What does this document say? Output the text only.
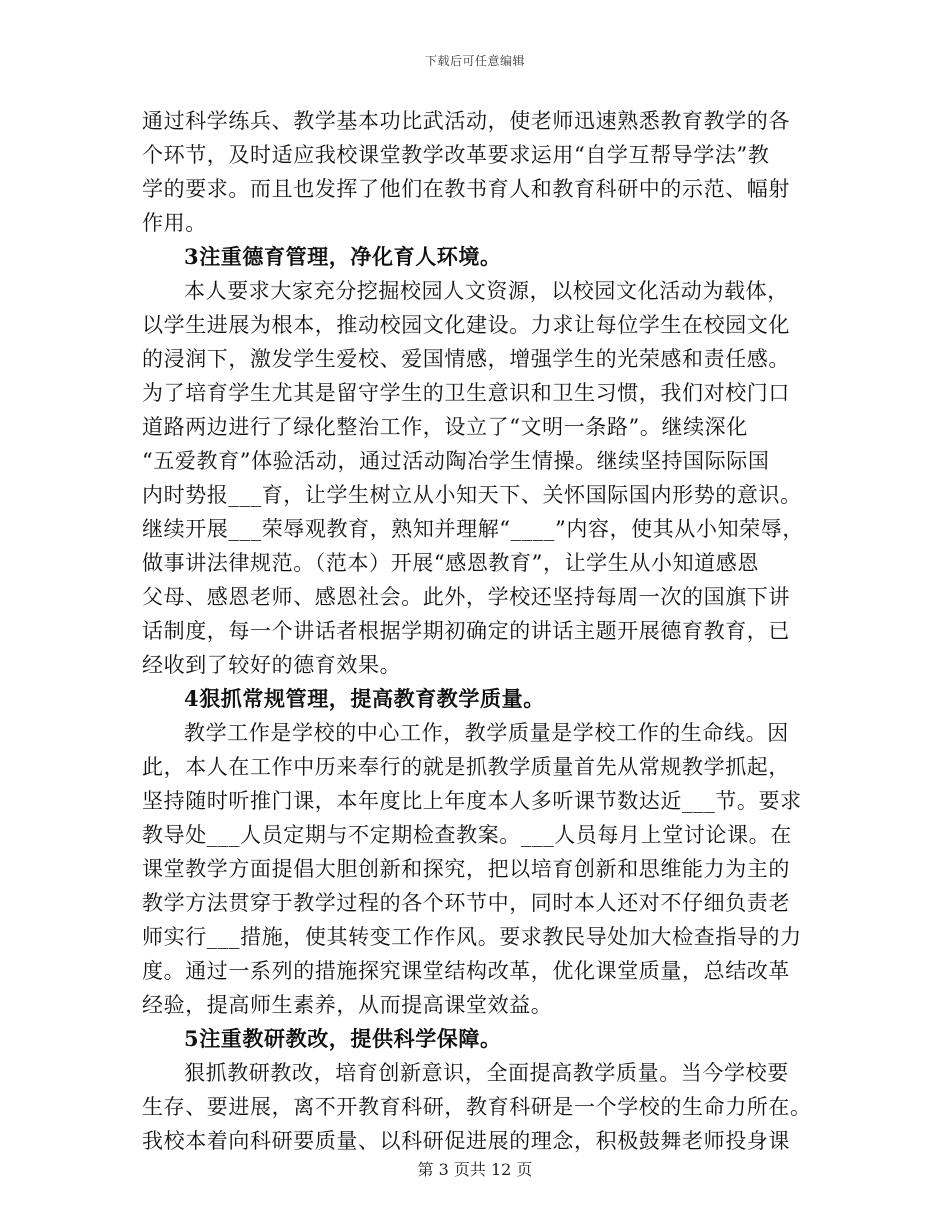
下载后可任意编辑
通过科学练兵、教学基本功比武活动，使老师迅速熟悉教育教学的各
个环节，及时适应我校课堂教学改革要求运用“自学互帮导学法”教
学的要求。而且也发挥了他们在教书育人和教育科研中的示范、幅射
作用。
3注重德育管理，净化育人环境。
本人要求大家充分挖掘校园人文资源，以校园文化活动为载体，
以学生进展为根本，推动校园文化建设。力求让每位学生在校园文化
的浸润下，激发学生爱校、爱国情感，增强学生的光荣感和责任感。
为了培育学生尤其是留守学生的卫生意识和卫生习惯，我们对校门口
道路两边进行了绿化整治工作，设立了“文明一条路”。继续深化
“五爱教育”体验活动，通过活动陶冶学生情操。继续坚持国际际国
内时势报___育，让学生树立从小知天下、关怀国际国内形势的意识。
继续开展___荣辱观教育，熟知并理解“____”内容，使其从小知荣辱，
做事讲法律规范。（范本）开展“感恩教育”，让学生从小知道感恩
父母、感恩老师、感恩社会。此外，学校还坚持每周一次的国旗下讲
话制度，每一个讲话者根据学期初确定的讲话主题开展德育教育，已
经收到了较好的德育效果。
4狠抓常规管理，提高教育教学质量。
教学工作是学校的中心工作，教学质量是学校工作的生命线。因
此，本人在工作中历来奉行的就是抓教学质量首先从常规教学抓起，
坚持随时听推门课，本年度比上年度本人多听课节数达近___节。要求
教导处___人员定期与不定期检查教案。___人员每月上堂讨论课。在
课堂教学方面提倡大胆创新和探究，把以培育创新和思维能力为主的
教学方法贯穿于教学过程的各个环节中，同时本人还对不仔细负责老
师实行___措施，使其转变工作作风。要求教民导处加大检查指导的力
度。通过一系列的措施探究课堂结构改革，优化课堂质量，总结改革
经验，提高师生素养，从而提高课堂效益。
5注重教研教改，提供科学保障。
狠抓教研教改，培育创新意识，全面提高教学质量。当今学校要
生存、要进展，离不开教育科研，教育科研是一个学校的生命力所在。
我校本着向科研要质量、以科研促进展的理念，积极鼓舞老师投身课
第 3 页共 12 页
